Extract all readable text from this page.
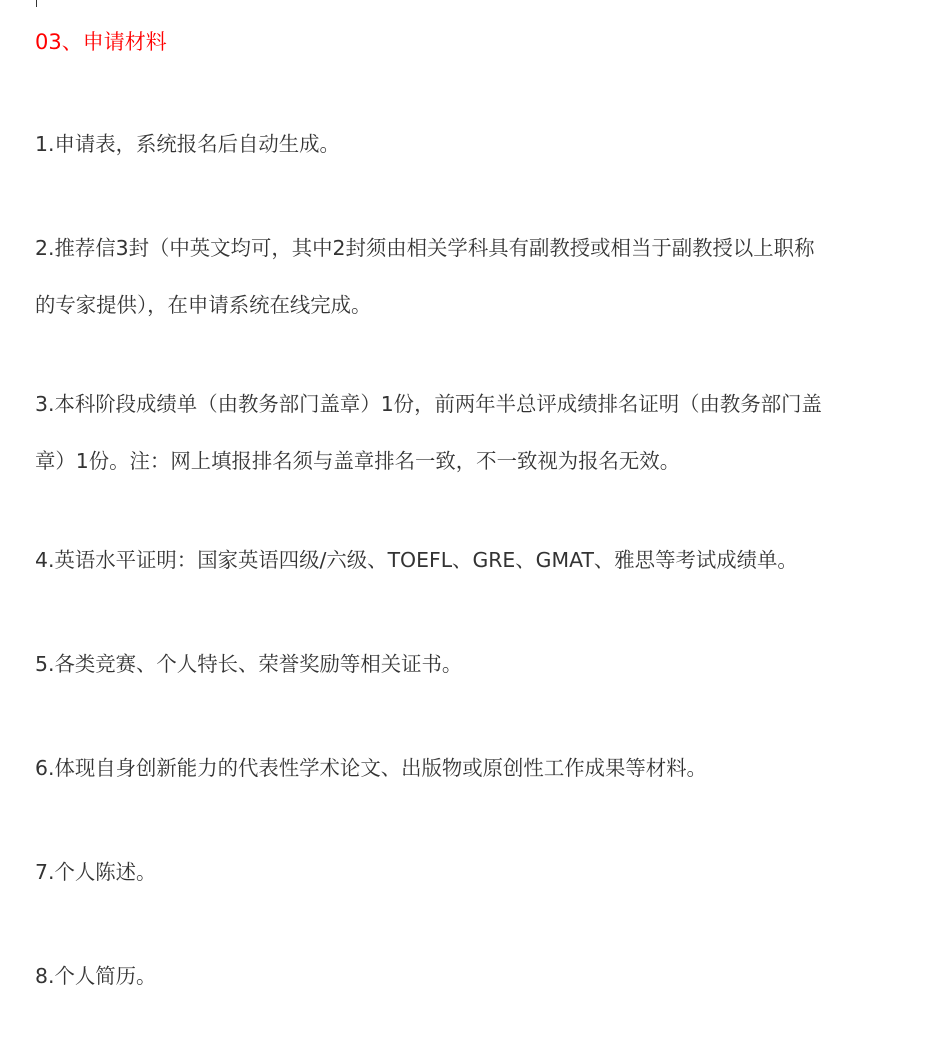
03、申请材料
1.申请表，系统报名后自动生成。
2.推荐信3封（中英文均可，其中2封须由相关学科具有副教授或相当于副教授以上职称
的专家提供），在申请系统在线完成。
3.本科阶段成绩单（由教务部门盖章）1份，前两年半总评成绩排名证明（由教务部门盖
章）1份。注：网上填报排名须与盖章排名一致，不一致视为报名无效。
4.英语水平证明：国家英语四级/六级、TOEFL、GRE、GMAT、雅思等考试成绩单。
5.各类竞赛、个人特长、荣誉奖励等相关证书。
6.体现自身创新能力的代表性学术论文、出版物或原创性工作成果等材料。
7.个人陈述。
8.个人简历。
